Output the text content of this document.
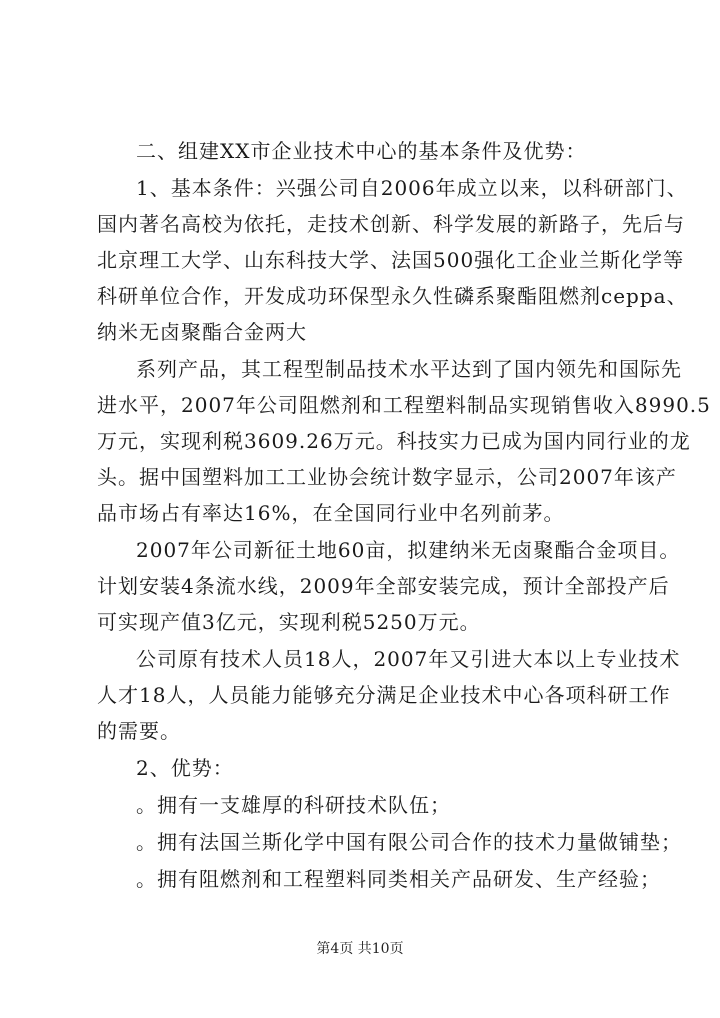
二、组建XX市企业技术中心的基本条件及优势：
1、基本条件：兴强公司自2006年成立以来，以科研部门、
国内著名高校为依托，走技术创新、科学发展的新路子，先后与
北京理工大学、山东科技大学、法国500强化工企业兰斯化学等
科研单位合作，开发成功环保型永久性磷系聚酯阻燃剂ceppa、
纳米无卤聚酯合金两大
系列产品，其工程型制品技术水平达到了国内领先和国际先
进水平，2007年公司阻燃剂和工程塑料制品实现销售收入8990.5
万元，实现利税3609.26万元。科技实力已成为国内同行业的龙
头。据中国塑料加工工业协会统计数字显示，公司2007年该产
品市场占有率达16%，在全国同行业中名列前茅。
2007年公司新征土地60亩，拟建纳米无卤聚酯合金项目。
计划安装4条流水线，2009年全部安装完成，预计全部投产后
可实现产值3亿元，实现利税5250万元。
公司原有技术人员18人，2007年又引进大本以上专业技术
人才18人，人员能力能够充分满足企业技术中心各项科研工作
的需要。
2、优势：
。拥有一支雄厚的科研技术队伍；
。拥有法国兰斯化学中国有限公司合作的技术力量做铺垫；
。拥有阻燃剂和工程塑料同类相关产品研发、生产经验；
第4页 共10页
